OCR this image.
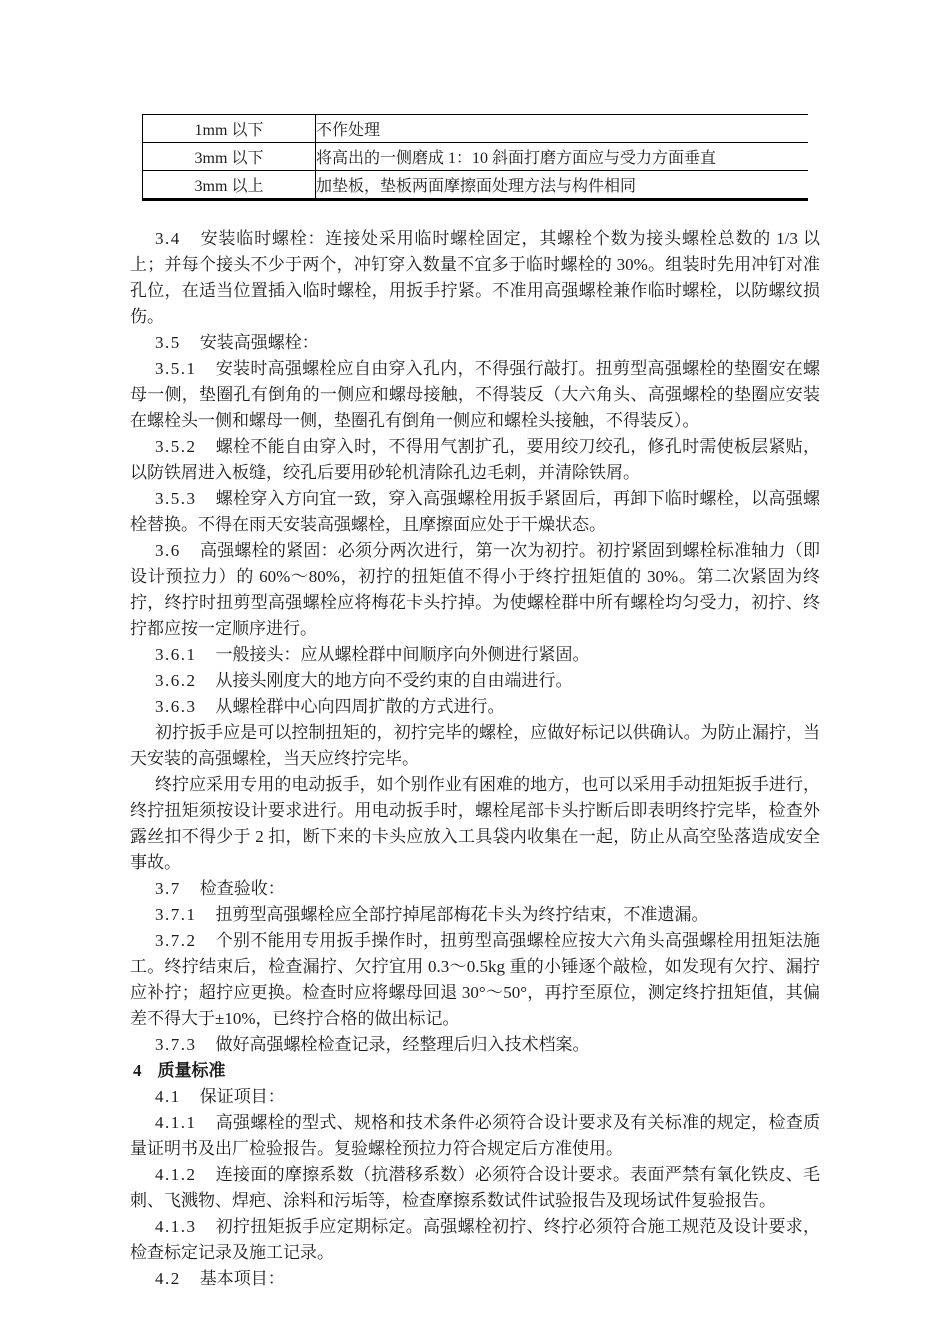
1mm 以下	不作处理
3mm 以下	将高出的一侧磨成 1：10 斜面打磨方面应与受力方面垂直
3mm 以上	加垫板，垫板两面摩擦面处理方法与构件相同

3.4 安装临时螺栓：连接处采用临时螺栓固定，其螺栓个数为接头螺栓总数的 1/3 以上；并每个接头不少于两个，冲钉穿入数量不宜多于临时螺栓的 30%。组装时先用冲钉对准孔位，在适当位置插入临时螺栓，用扳手拧紧。不准用高强螺栓兼作临时螺栓，以防螺纹损伤。

3.5 安装高强螺栓：

3.5.1 安装时高强螺栓应自由穿入孔内，不得强行敲打。扭剪型高强螺栓的垫圈安在螺母一侧，垫圈孔有倒角的一侧应和螺母接触，不得装反（大六角头、高强螺栓的垫圈应安装在螺栓头一侧和螺母一侧，垫圈孔有倒角一侧应和螺栓头接触，不得装反）。

3.5.2 螺栓不能自由穿入时，不得用气割扩孔，要用绞刀绞孔，修孔时需使板层紧贴，以防铁屑进入板缝，绞孔后要用砂轮机清除孔边毛刺，并清除铁屑。

3.5.3 螺栓穿入方向宜一致，穿入高强螺栓用扳手紧固后，再卸下临时螺栓，以高强螺栓替换。不得在雨天安装高强螺栓，且摩擦面应处于干燥状态。

3.6 高强螺栓的紧固：必须分两次进行，第一次为初拧。初拧紧固到螺栓标准轴力（即设计预拉力）的 60%～80%，初拧的扭矩值不得小于终拧扭矩值的 30%。第二次紧固为终拧，终拧时扭剪型高强螺栓应将梅花卡头拧掉。为使螺栓群中所有螺栓均匀受力，初拧、终拧都应按一定顺序进行。

3.6.1 一般接头：应从螺栓群中间顺序向外侧进行紧固。

3.6.2 从接头刚度大的地方向不受约束的自由端进行。

3.6.3 从螺栓群中心向四周扩散的方式进行。

初拧扳手应是可以控制扭矩的，初拧完毕的螺栓，应做好标记以供确认。为防止漏拧，当天安装的高强螺栓，当天应终拧完毕。

终拧应采用专用的电动扳手，如个别作业有困难的地方，也可以采用手动扭矩扳手进行，终拧扭矩须按设计要求进行。用电动扳手时，螺栓尾部卡头拧断后即表明终拧完毕，检查外露丝扣不得少于 2 扣，断下来的卡头应放入工具袋内收集在一起，防止从高空坠落造成安全事故。

3.7 检查验收：

3.7.1 扭剪型高强螺栓应全部拧掉尾部梅花卡头为终拧结束，不准遗漏。

3.7.2 个别不能用专用扳手操作时，扭剪型高强螺栓应按大六角头高强螺栓用扭矩法施工。终拧结束后，检查漏拧、欠拧宜用 0.3～0.5kg 重的小锤逐个敲检，如发现有欠拧、漏拧应补拧；超拧应更换。检查时应将螺母回退 30°～50°，再拧至原位，测定终拧扭矩值，其偏差不得大于±10%，已终拧合格的做出标记。

3.7.3 做好高强螺栓检查记录，经整理后归入技术档案。

4 质量标准

4.1 保证项目：

4.1.1 高强螺栓的型式、规格和技术条件必须符合设计要求及有关标准的规定，检查质量证明书及出厂检验报告。复验螺栓预拉力符合规定后方准使用。

4.1.2 连接面的摩擦系数（抗潜移系数）必须符合设计要求。表面严禁有氧化铁皮、毛刺、飞溅物、焊疤、涂料和污垢等，检查摩擦系数试件试验报告及现场试件复验报告。

4.1.3 初拧扭矩扳手应定期标定。高强螺栓初拧、终拧必须符合施工规范及设计要求，检查标定记录及施工记录。

4.2 基本项目：
